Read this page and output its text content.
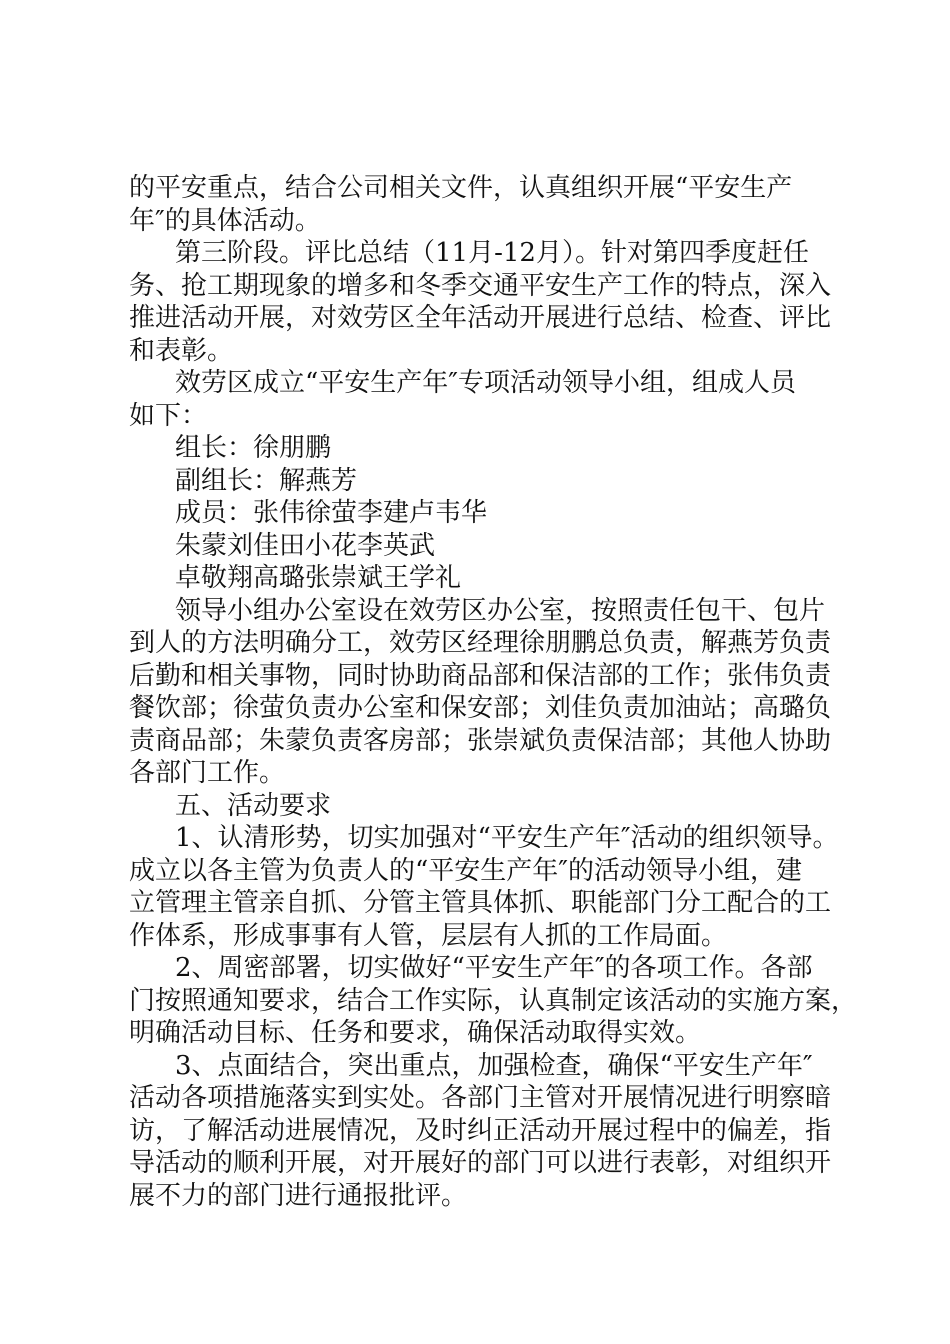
的平安重点，结合公司相关文件，认真组织开展“平安生产
年″的具体活动。
第三阶段。评比总结（11月-12月）。针对第四季度赶任
务、抢工期现象的增多和冬季交通平安生产工作的特点，深入
推进活动开展，对效劳区全年活动开展进行总结、检查、评比
和表彰。
效劳区成立“平安生产年″专项活动领导小组，组成人员
如下：
组长：徐朋鹏
副组长：解燕芳
成员：张伟徐萤李建卢韦华
朱蒙刘佳田小花李英武
卓敬翔高璐张崇斌王学礼
领导小组办公室设在效劳区办公室，按照责任包干、包片
到人的方法明确分工，效劳区经理徐朋鹏总负责，解燕芳负责
后勤和相关事物，同时协助商品部和保洁部的工作；张伟负责
餐饮部；徐萤负责办公室和保安部；刘佳负责加油站；高璐负
责商品部；朱蒙负责客房部；张崇斌负责保洁部；其他人协助
各部门工作。
五、活动要求
1、认清形势，切实加强对“平安生产年″活动的组织领导。
成立以各主管为负责人的“平安生产年″的活动领导小组，建
立管理主管亲自抓、分管主管具体抓、职能部门分工配合的工
作体系，形成事事有人管，层层有人抓的工作局面。
2、周密部署，切实做好“平安生产年″的各项工作。各部
门按照通知要求，结合工作实际，认真制定该活动的实施方案，
明确活动目标、任务和要求，确保活动取得实效。
3、点面结合，突出重点，加强检查，确保“平安生产年″
活动各项措施落实到实处。各部门主管对开展情况进行明察暗
访，了解活动进展情况，及时纠正活动开展过程中的偏差，指
导活动的顺利开展，对开展好的部门可以进行表彰，对组织开
展不力的部门进行通报批评。
